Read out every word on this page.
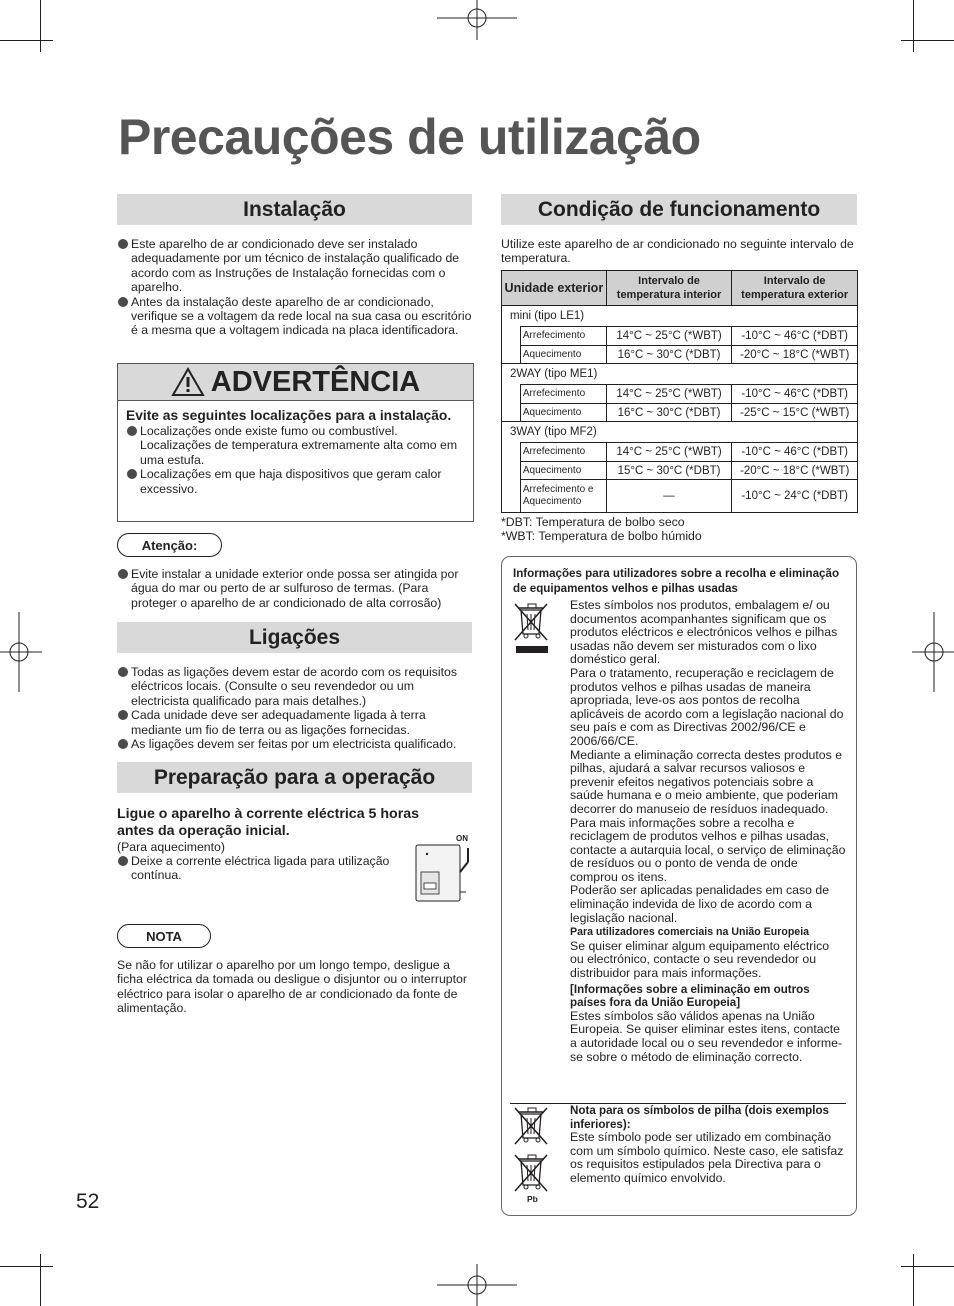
Precauções de utilização
Instalação
Este aparelho de ar condicionado deve ser instalado adequadamente por um técnico de instalação qualificado de acordo com as Instruções de Instalação fornecidas com o aparelho.
Antes da instalação deste aparelho de ar condicionado, verifique se a voltagem da rede local na sua casa ou escritório é a mesma que a voltagem indicada na placa identificadora.
ADVERTÊNCIA
Evite as seguintes localizações para a instalação.
Localizações onde existe fumo ou combustível. Localizações de temperatura extremamente alta como em uma estufa.
Localizações em que haja dispositivos que geram calor excessivo.
Atenção:
Evite instalar a unidade exterior onde possa ser atingida por água do mar ou perto de ar sulfuroso de termas. (Para proteger o aparelho de ar condicionado de alta corrosão)
Ligações
Todas as ligações devem estar de acordo com os requisitos eléctricos locais. (Consulte o seu revendedor ou um electricista qualificado para mais detalhes.)
Cada unidade deve ser adequadamente ligada à terra mediante um fio de terra ou as ligações fornecidas.
As ligações devem ser feitas por um electricista qualificado.
Preparação para a operação
Ligue o aparelho à corrente eléctrica 5 horas antes da operação inicial.
(Para aquecimento)
Deixe a corrente eléctrica ligada para utilização contínua.
ON
NOTA
Se não for utilizar o aparelho por um longo tempo, desligue a ficha eléctrica da tomada ou desligue o disjuntor ou o interruptor eléctrico para isolar o aparelho de ar condicionado da fonte de alimentação.
52
Condição de funcionamento
Utilize este aparelho de ar condicionado no seguinte intervalo de temperatura.
Unidade exterior		Intervalo de temperatura interior	Intervalo de temperatura exterior
mini (tipo LE1)			
	Arrefecimento	14°C ~ 25°C (*WBT)	-10°C ~ 46°C (*DBT)
	Aquecimento	16°C ~ 30°C (*DBT)	-20°C ~ 18°C (*WBT)
2WAY (tipo ME1)			
	Arrefecimento	14°C ~ 25°C (*WBT)	-10°C ~ 46°C (*DBT)
	Aquecimento	16°C ~ 30°C (*DBT)	-25°C ~ 15°C (*WBT)
3WAY (tipo MF2)			
	Arrefecimento	14°C ~ 25°C (*WBT)	-10°C ~ 46°C (*DBT)
	Aquecimento	15°C ~ 30°C (*DBT)	-20°C ~ 18°C (*WBT)
	Arrefecimento e Aquecimento	—	-10°C ~ 24°C (*DBT)
*DBT: Temperatura de bolbo seco
*WBT: Temperatura de bolbo húmido
Informações para utilizadores sobre a recolha e eliminação de equipamentos velhos e pilhas usadas
Estes símbolos nos produtos, embalagem e/ ou documentos acompanhantes significam que os produtos eléctricos e electrónicos velhos e pilhas usadas não devem ser misturados com o lixo doméstico geral.
Para o tratamento, recuperação e reciclagem de produtos velhos e pilhas usadas de maneira apropriada, leve-os aos pontos de recolha aplicáveis de acordo com a legislação nacional do seu país e com as Directivas 2002/96/CE e 2006/66/CE.
Mediante a eliminação correcta destes produtos e pilhas, ajudará a salvar recursos valiosos e prevenir efeitos negativos potenciais sobre a saúde humana e o meio ambiente, que poderiam decorrer do manuseio de resíduos inadequado.
Para mais informações sobre a recolha e reciclagem de produtos velhos e pilhas usadas, contacte a autarquia local, o serviço de eliminação de resíduos ou o ponto de venda de onde comprou os itens.
Poderão ser aplicadas penalidades em caso de eliminação indevida de lixo de acordo com a legislação nacional.
Para utilizadores comerciais na União Europeia
Se quiser eliminar algum equipamento eléctrico ou electrónico, contacte o seu revendedor ou distribuidor para mais informações.
[Informações sobre a eliminação em outros países fora da União Europeia]
Estes símbolos são válidos apenas na União Europeia. Se quiser eliminar estes itens, contacte a autoridade local ou o seu revendedor e informe-se sobre o método de eliminação correcto.
Pb
Nota para os símbolos de pilha (dois exemplos inferiores):
Este símbolo pode ser utilizado em combinação com um símbolo químico. Neste caso, ele satisfaz os requisitos estipulados pela Directiva para o elemento químico envolvido.
